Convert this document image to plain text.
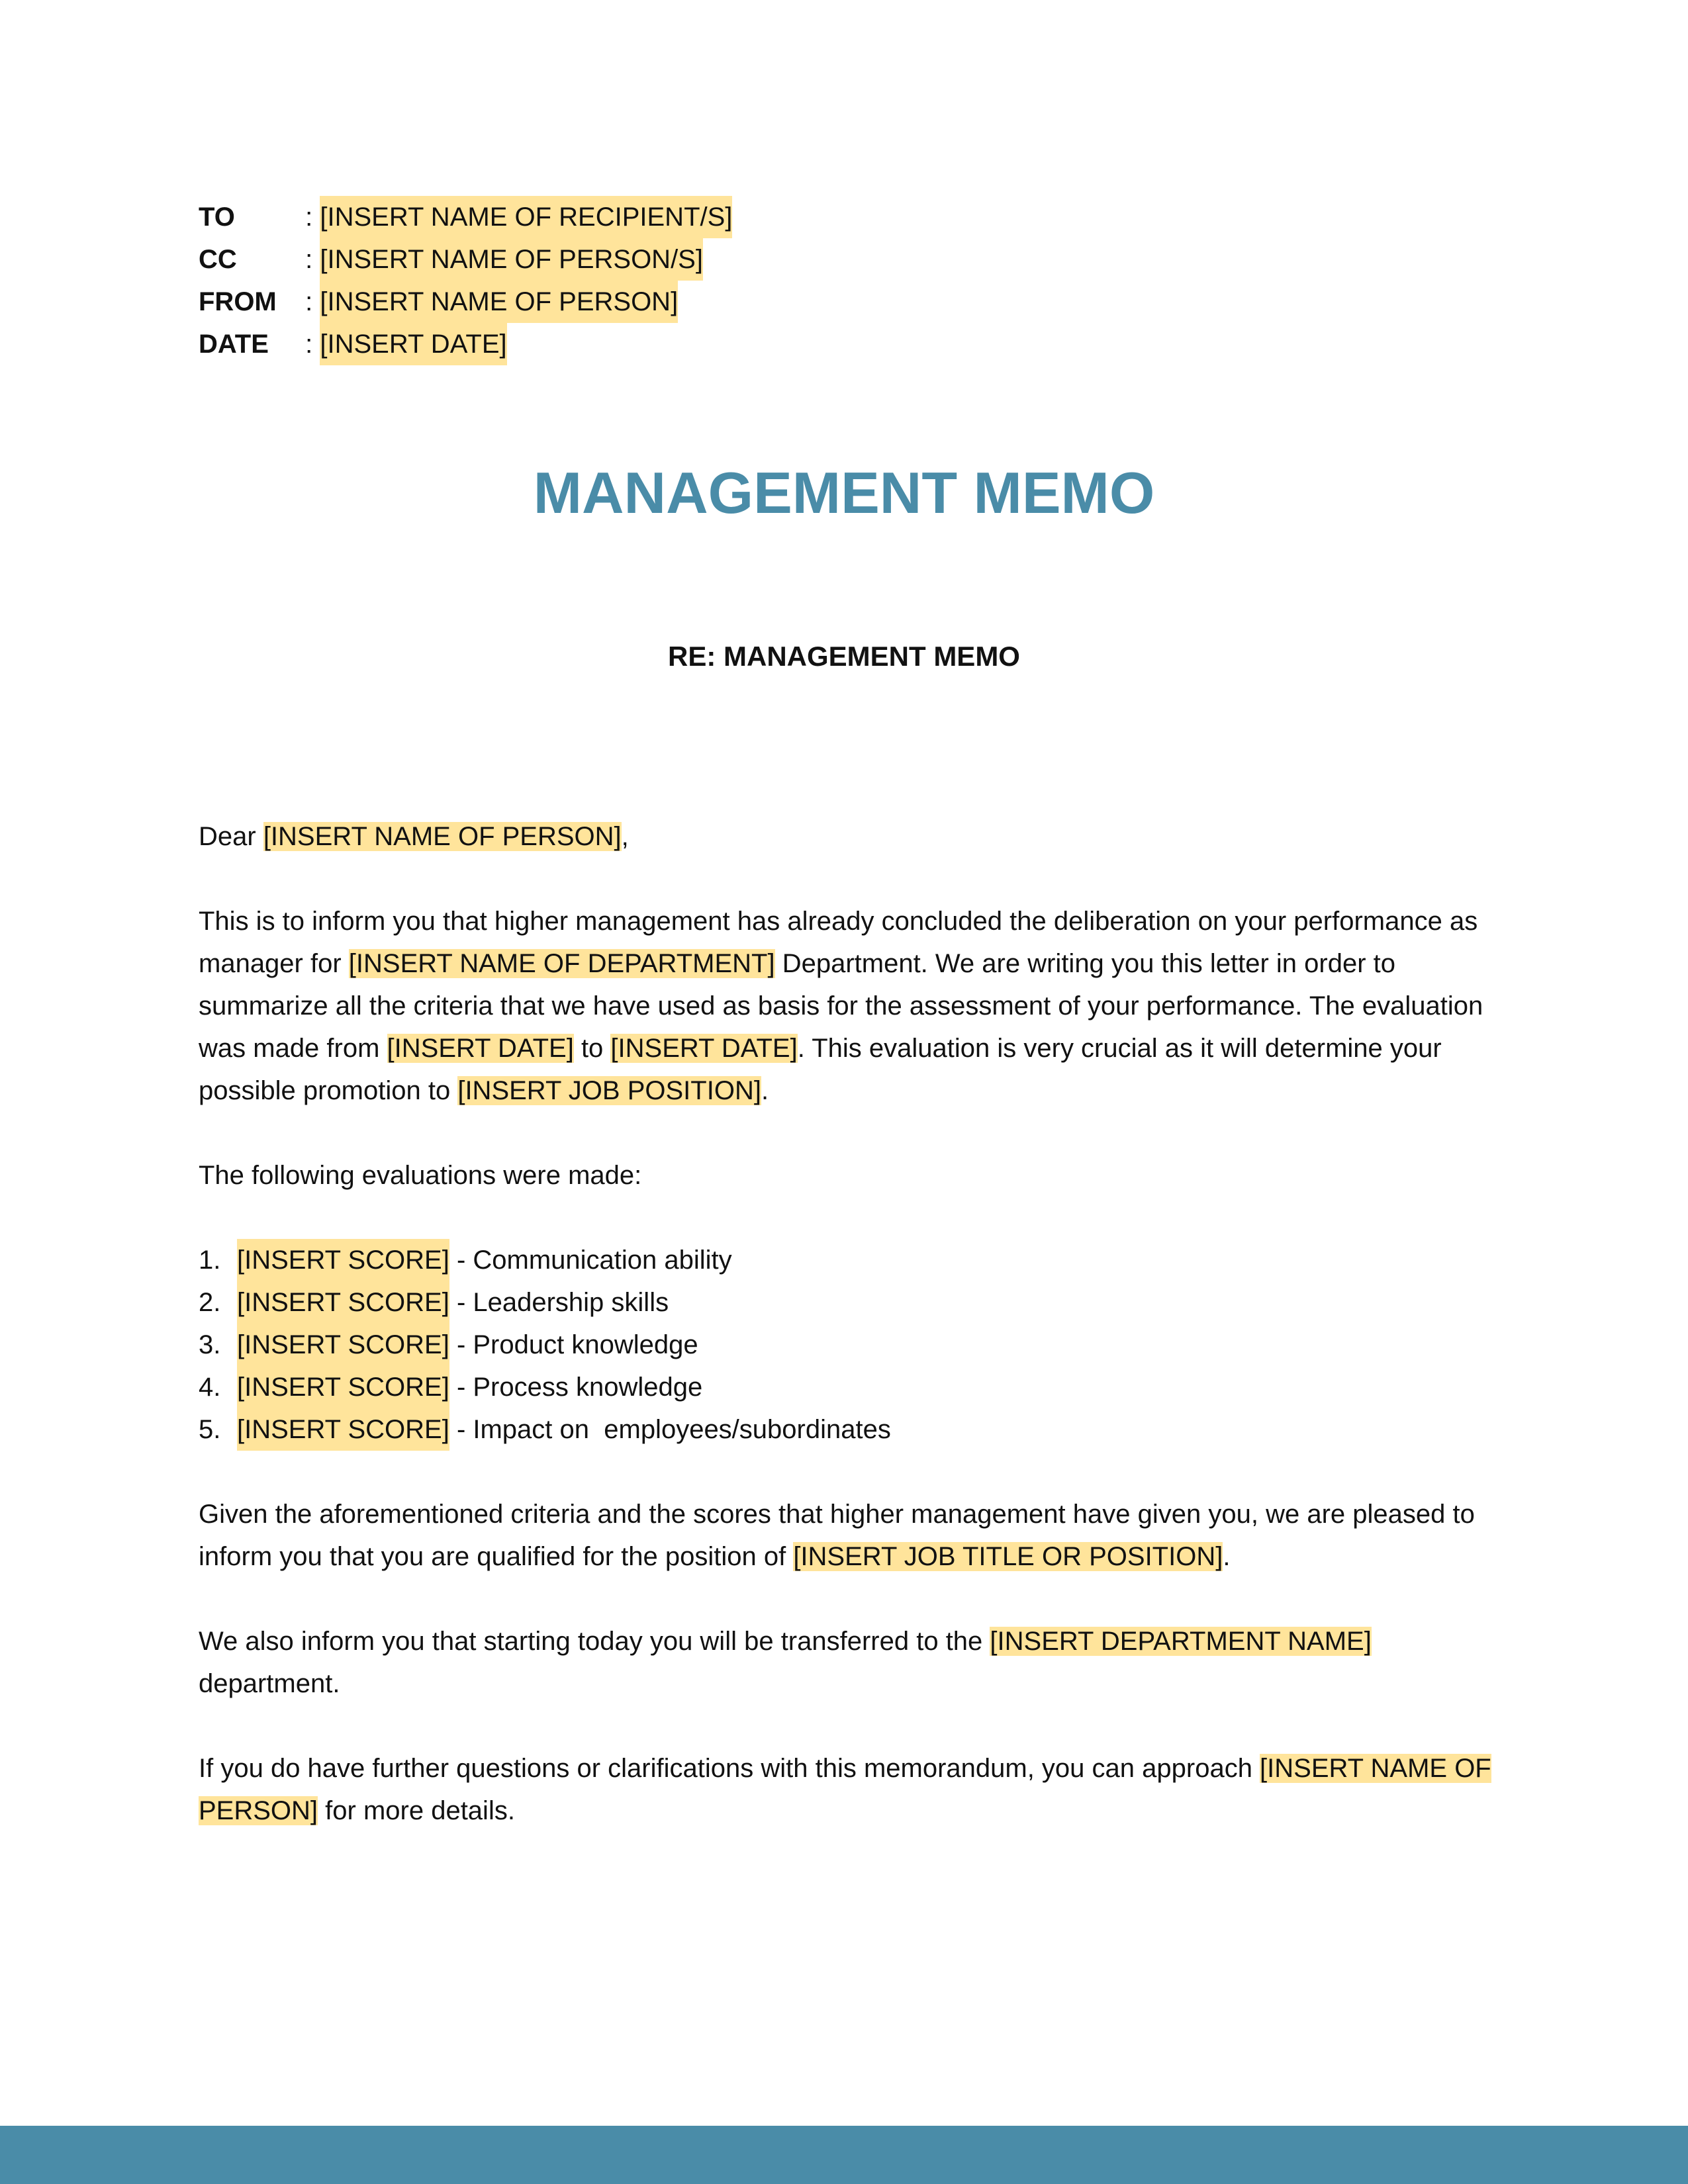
TO	: [INSERT NAME OF RECIPIENT/S]
CC	: [INSERT NAME OF PERSON/S]
FROM : [INSERT NAME OF PERSON]
DATE	: [INSERT DATE]
MANAGEMENT MEMO
RE: MANAGEMENT MEMO

Dear [INSERT NAME OF PERSON],

This is to inform you that higher management has already concluded the deliberation on your performance as manager for [INSERT NAME OF DEPARTMENT] Department. We are writing you this letter in order to summarize all the criteria that we have used as basis for the assessment of your performance. The evaluation was made from [INSERT DATE] to [INSERT DATE]. This evaluation is very crucial as it will determine your possible promotion to [INSERT JOB POSITION].

The following evaluations were made:

1. [INSERT SCORE] - Communication ability
2. [INSERT SCORE] - Leadership skills
3. [INSERT SCORE] - Product knowledge
4. [INSERT SCORE] - Process knowledge
5. [INSERT SCORE] - Impact on  employees/subordinates

Given the aforementioned criteria and the scores that higher management have given you, we are pleased to inform you that you are qualified for the position of [INSERT JOB TITLE OR POSITION].

We also inform you that starting today you will be transferred to the [INSERT DEPARTMENT NAME] department.

If you do have further questions or clarifications with this memorandum, you can approach [INSERT NAME OF PERSON] for more details.
